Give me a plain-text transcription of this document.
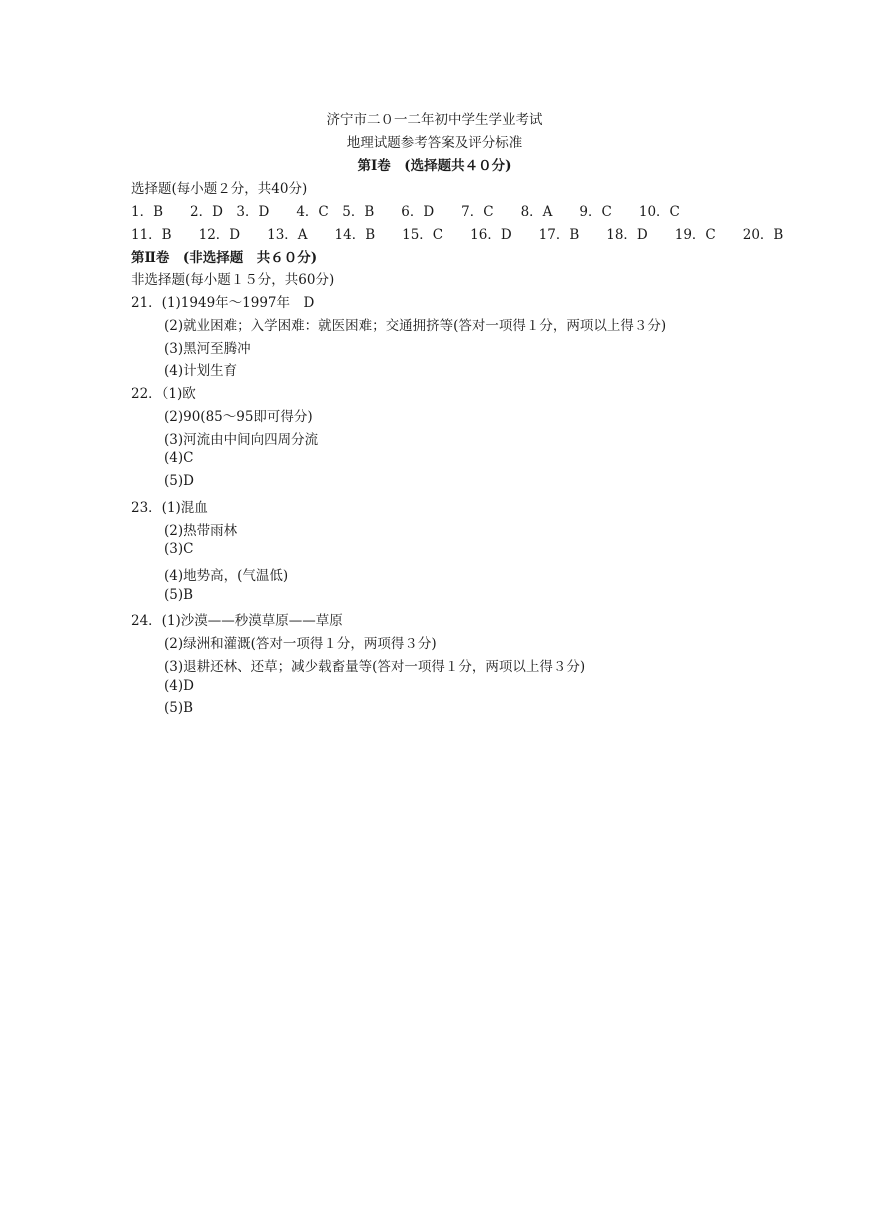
济宁市二０一二年初中学生学业考试
地理试题参考答案及评分标准
第Ⅰ卷　(选择题共４０分)
选择题(每小题２分，共40分)
1．B　　2．D　3．D　　4．C　5．B　　6．D　　7．C　　8．A　　9．C　　10．C
11．B　　12．D　　13．A　　14．B　　15．C　　16．D　　17．B　　18．D　　19．C　　20．B
第Ⅱ卷　(非选择题　共６０分)
非选择题(每小题１５分，共60分)
21．(1)1949年～1997年　D
(2)就业困难；入学困难：就医困难；交通拥挤等(答对一项得１分，两项以上得３分)
(3)黑河至腾冲
(4)计划生育
22．（1)欧
(2)90(85～95即可得分)
(3)河流由中间向四周分流
(4)C
(5)D
23．(1)混血
(2)热带雨林
(3)C
(4)地势高，(气温低)
(5)B
24．(1)沙漠——秒漠草原——草原
(2)绿洲和灌溉(答对一项得１分，两项得３分)
(3)退耕还林、还草；减少载畜量等(答对一项得１分，两项以上得３分)
(4)D
(5)B
